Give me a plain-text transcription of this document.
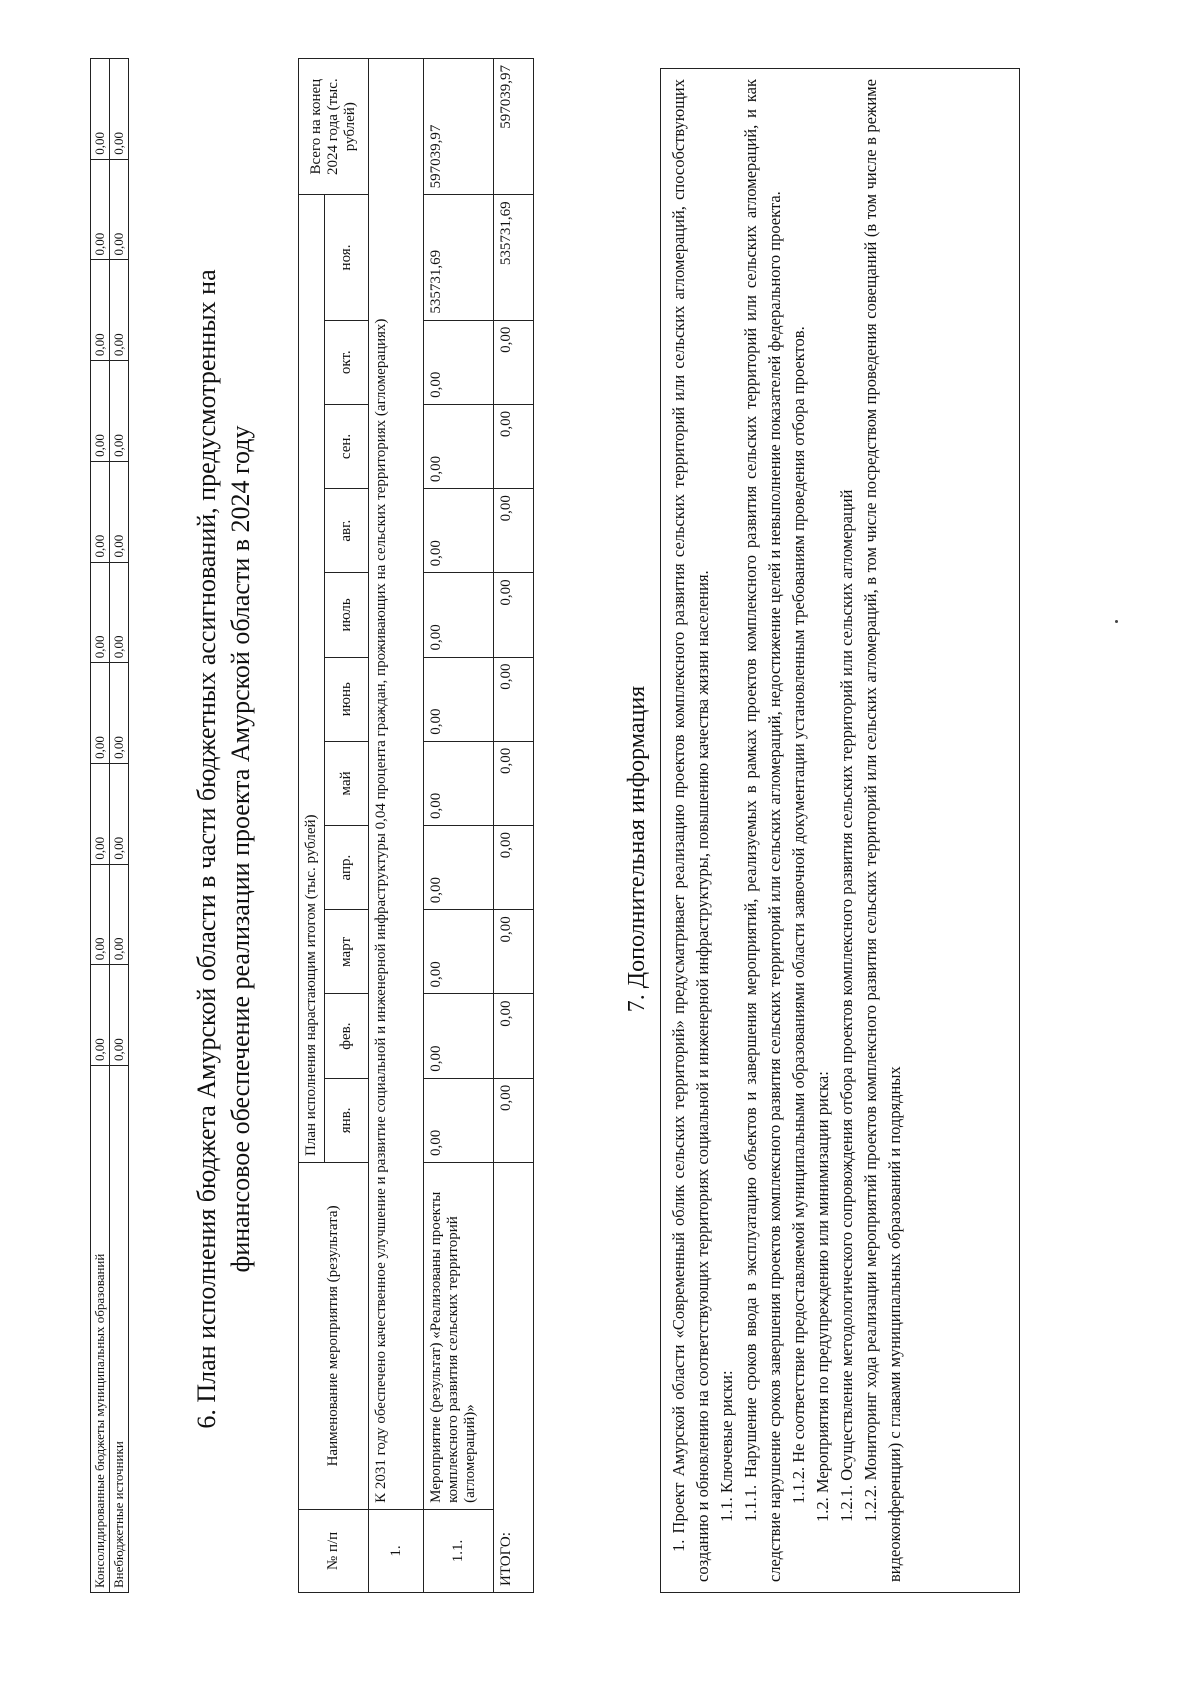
Консолидированные бюджеты муниципальных образований	0,00	0,00	0,00	0,00	0,00	0,00	0,00	0,00	0,00	0,00
Внебюджетные источники	0,00	0,00	0,00	0,00	0,00	0,00	0,00	0,00	0,00	0,00
6. План исполнения бюджета Амурской области в части бюджетных ассигнований, предусмотренных на финансовое обеспечение реализации проекта Амурской области в 2024 году
№ п/п	Наименование мероприятия (результата)	План исполнения нарастающим итогом (тыс. рублей)											Всего на конец 2024 года (тыс. рублей)
		янв.	фев.	март	апр.	май	июнь	июль	авг.	сен.	окт.	ноя.	
1.	К 2031 году обеспечено качественное улучшение и развитие социальной и инженерной инфраструктуры 0,04 процента граждан, проживающих на сельских территориях (агломерациях)												
1.1.	Мероприятие (результат) «Реализованы проекты комплексного развития сельских территорий (агломераций)»	0,00	0,00	0,00	0,00	0,00	0,00	0,00	0,00	0,00	0,00	535731,69	597039,97
ИТОГО:		0,00	0,00	0,00	0,00	0,00	0,00	0,00	0,00	0,00	0,00	535731,69	597039,97
7. Дополнительная информация 1. Проект Амурской области «Современный облик сельских территорий» предусматривает реализацию проектов комплексного развития сельских территорий или сельских агломераций, способствующих созданию и обновлению на соответствующих территориях социальной и инженерной инфраструктуры, повышению качества жизни населения. 1.1. Ключевые риски: 1.1.1. Нарушение сроков ввода в эксплуатацию объектов и завершения мероприятий, реализуемых в рамках проектов комплексного развития сельских территорий или сельских агломераций, и как следствие нарушение сроков завершения проектов комплексного развития сельских территорий или сельских агломераций, недостижение целей и невыполнение показателей федерального проекта. 1.1.2. Не соответствие предоставляемой муниципальными образованиями области заявочной документации установленным требованиям проведения отбора проектов. 1.2. Мероприятия по предупреждению или минимизации риска: 1.2.1. Осуществление методологического сопровождения отбора проектов комплексного развития сельских территорий или сельских агломераций 1.2.2. Мониторинг хода реализации мероприятий проектов комплексного развития сельских территорий или сельских агломераций, в том числе посредством проведения совещаний (в том числе в режиме видеоконференции) с главами муниципальных образований и подрядных
